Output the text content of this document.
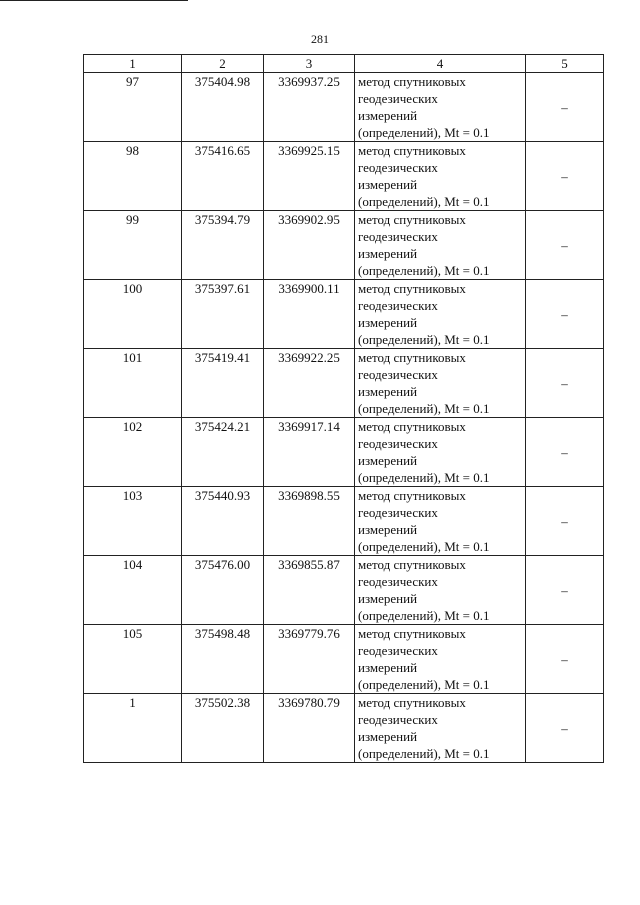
281
1	2	3	4	5
97	375404.98	3369937.25	метод спутниковых
геодезических
измерений
(определений), Mt = 0.1	–
98	375416.65	3369925.15	метод спутниковых
геодезических
измерений
(определений), Mt = 0.1	–
99	375394.79	3369902.95	метод спутниковых
геодезических
измерений
(определений), Mt = 0.1	–
100	375397.61	3369900.11	метод спутниковых
геодезических
измерений
(определений), Mt = 0.1	–
101	375419.41	3369922.25	метод спутниковых
геодезических
измерений
(определений), Mt = 0.1	–
102	375424.21	3369917.14	метод спутниковых
геодезических
измерений
(определений), Mt = 0.1	–
103	375440.93	3369898.55	метод спутниковых
геодезических
измерений
(определений), Mt = 0.1	–
104	375476.00	3369855.87	метод спутниковых
геодезических
измерений
(определений), Mt = 0.1	–
105	375498.48	3369779.76	метод спутниковых
геодезических
измерений
(определений), Mt = 0.1	–
1	375502.38	3369780.79	метод спутниковых
геодезических
измерений
(определений), Mt = 0.1	–
